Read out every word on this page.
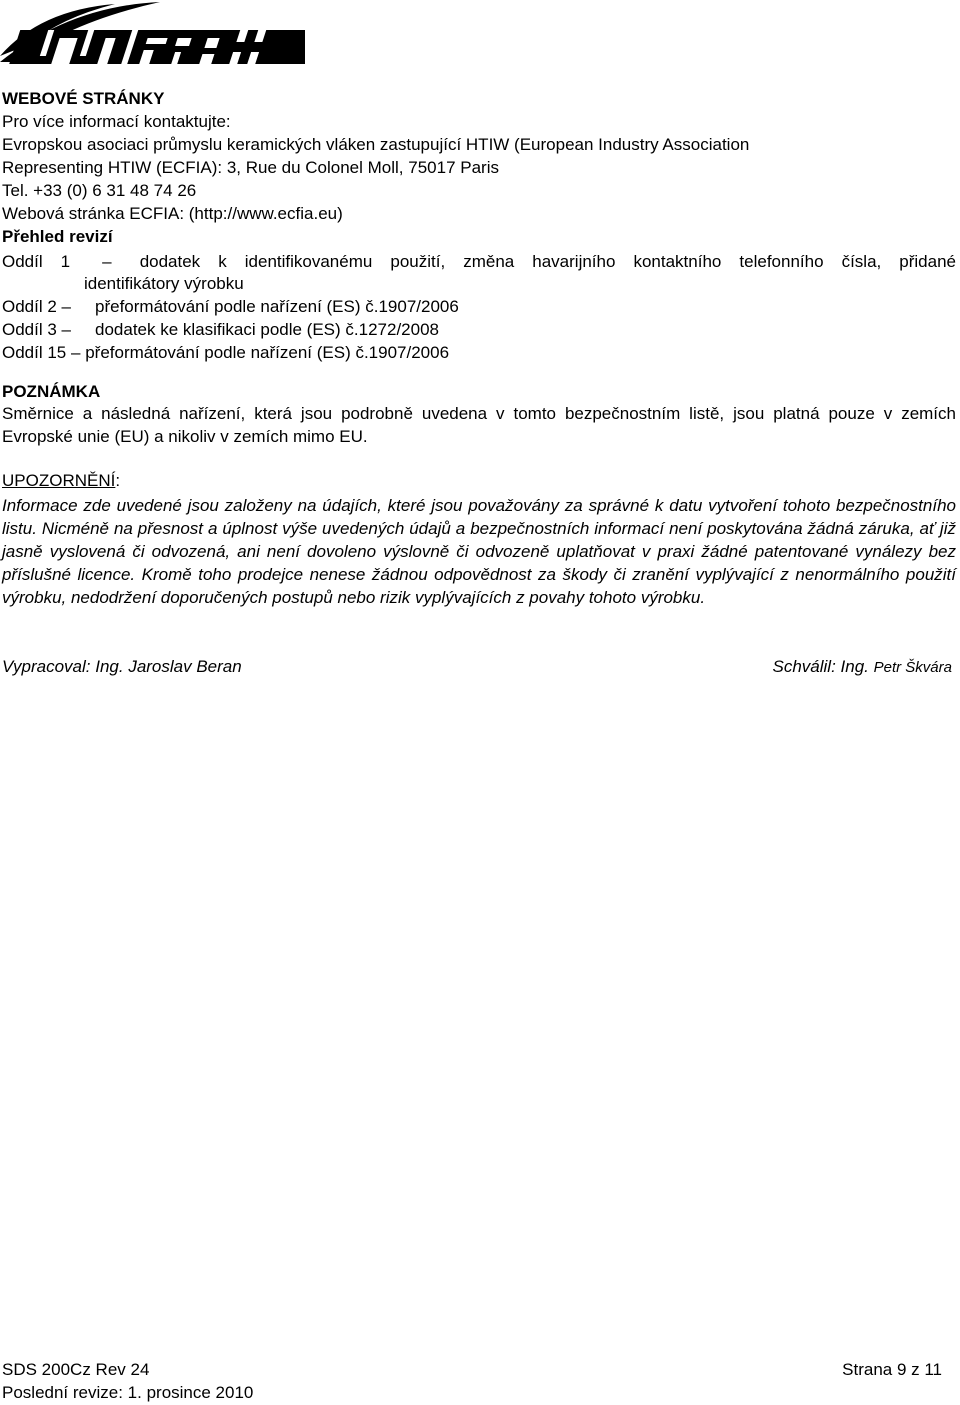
WEBOVÉ STRÁNKY
Pro více informací kontaktujte:
Evropskou asociaci průmyslu keramických vláken zastupující HTIW (European Industry Association
Representing HTIW (ECFIA): 3, Rue du Colonel Moll, 75017 Paris
Tel. +33 (0) 6 31 48 74 26
Webová stránka ECFIA: (http://www.ecfia.eu)
Přehled revizí
Oddíl 1 – dodatek k identifikovanému použití, změna havarijního kontaktního telefonního čísla, přidané
identifikátory výrobku
Oddíl 2 – přeformátování podle nařízení (ES) č.1907/2006
Oddíl 3 – dodatek ke klasifikaci podle (ES) č.1272/2008
Oddíl 15 – přeformátování podle nařízení (ES) č.1907/2006
POZNÁMKA
Směrnice a následná nařízení, která jsou podrobně uvedena v tomto bezpečnostním listě, jsou platná pouze v zemích Evropské unie (EU) a nikoliv v zemích mimo EU.
UPOZORNĚNÍ:
Informace zde uvedené jsou založeny na údajích, které jsou považovány za správné k datu vytvoření tohoto bezpečnostního listu. Nicméně na přesnost a úplnost výše uvedených údajů a bezpečnostních informací není poskytována žádná záruka, ať již jasně vyslovená či odvozená, ani není dovoleno výslovně či odvozeně uplatňovat v praxi žádné patentované vynálezy bez příslušné licence. Kromě toho prodejce nenese žádnou odpovědnost za škody či zranění vyplývající z nenormálního použití výrobku, nedodržení doporučených postupů nebo rizik vyplývajících z povahy tohoto výrobku.
Vypracoval: Ing. Jaroslav Beran	Schválil: Ing. Petr Škvára
SDS 200Cz Rev 24	Strana 9 z 11
Poslední revize: 1. prosince 2010
